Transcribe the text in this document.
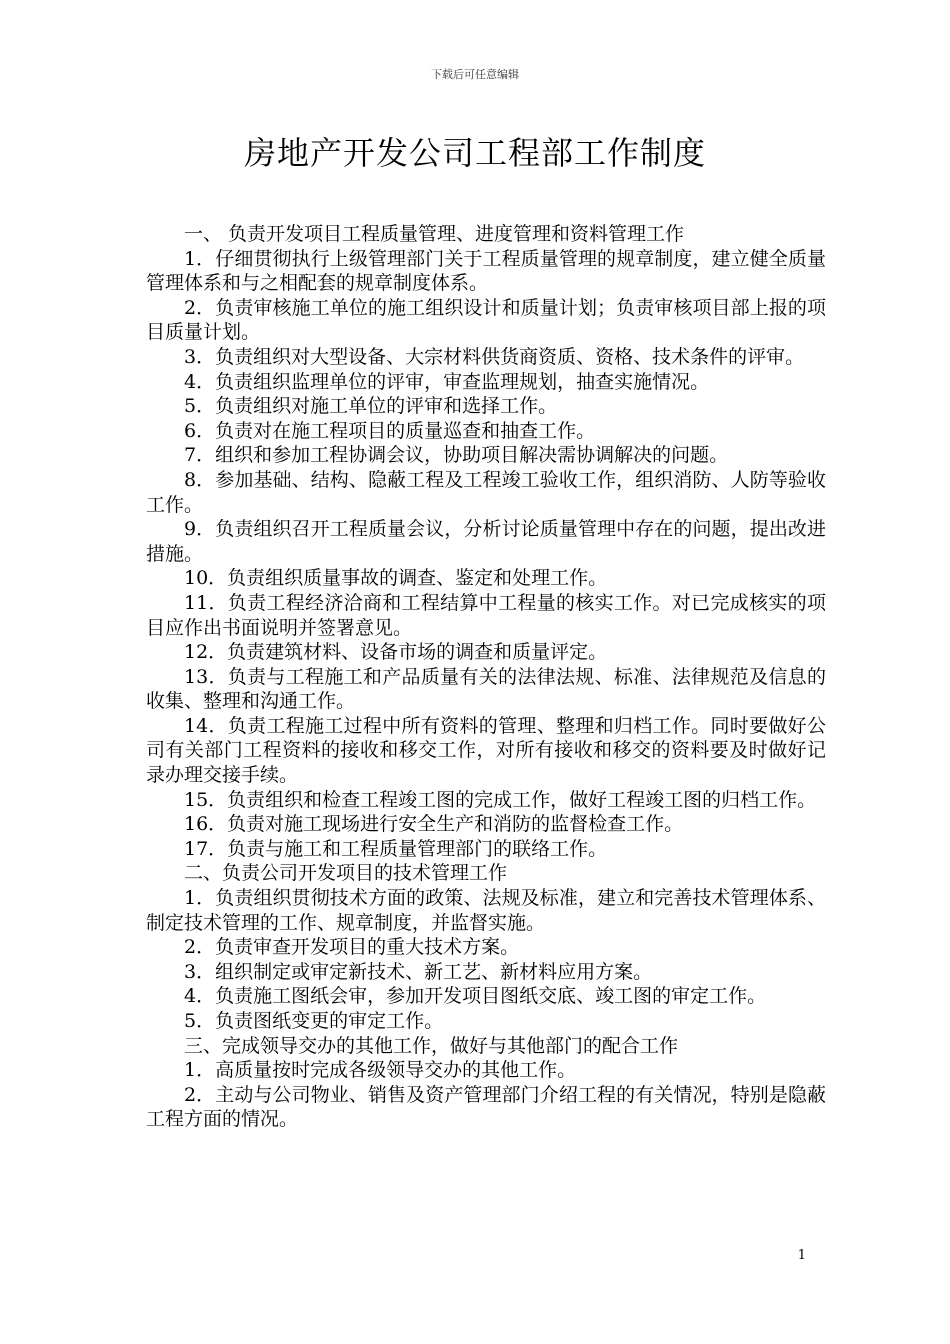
下载后可任意编辑
房地产开发公司工程部工作制度

一、 负责开发项目工程质量管理、进度管理和资料管理工作

1．仔细贯彻执行上级管理部门关于工程质量管理的规章制度，建立健全质量管理体系和与之相配套的规章制度体系。

2．负责审核施工单位的施工组织设计和质量计划；负责审核项目部上报的项目质量计划。

3．负责组织对大型设备、大宗材料供货商资质、资格、技术条件的评审。

4．负责组织监理单位的评审，审查监理规划，抽查实施情况。

5．负责组织对施工单位的评审和选择工作。

6．负责对在施工程项目的质量巡查和抽查工作。

7．组织和参加工程协调会议，协助项目解决需协调解决的问题。

8．参加基础、结构、隐蔽工程及工程竣工验收工作，组织消防、人防等验收工作。

9．负责组织召开工程质量会议，分析讨论质量管理中存在的问题，提出改进措施。

10．负责组织质量事故的调查、鉴定和处理工作。

11．负责工程经济洽商和工程结算中工程量的核实工作。对已完成核实的项目应作出书面说明并签署意见。

12．负责建筑材料、设备市场的调查和质量评定。

13．负责与工程施工和产品质量有关的法律法规、标准、法律规范及信息的收集、整理和沟通工作。

14．负责工程施工过程中所有资料的管理、整理和归档工作。同时要做好公司有关部门工程资料的接收和移交工作，对所有接收和移交的资料要及时做好记录办理交接手续。

15．负责组织和检查工程竣工图的完成工作，做好工程竣工图的归档工作。

16．负责对施工现场进行安全生产和消防的监督检查工作。

17．负责与施工和工程质量管理部门的联络工作。

二、负责公司开发项目的技术管理工作

1．负责组织贯彻技术方面的政策、法规及标准，建立和完善技术管理体系、制定技术管理的工作、规章制度，并监督实施。

2．负责审查开发项目的重大技术方案。

3．组织制定或审定新技术、新工艺、新材料应用方案。

4．负责施工图纸会审，参加开发项目图纸交底、竣工图的审定工作。

5．负责图纸变更的审定工作。

三、完成领导交办的其他工作，做好与其他部门的配合工作

1．高质量按时完成各级领导交办的其他工作。

2．主动与公司物业、销售及资产管理部门介绍工程的有关情况，特别是隐蔽工程方面的情况。

1
